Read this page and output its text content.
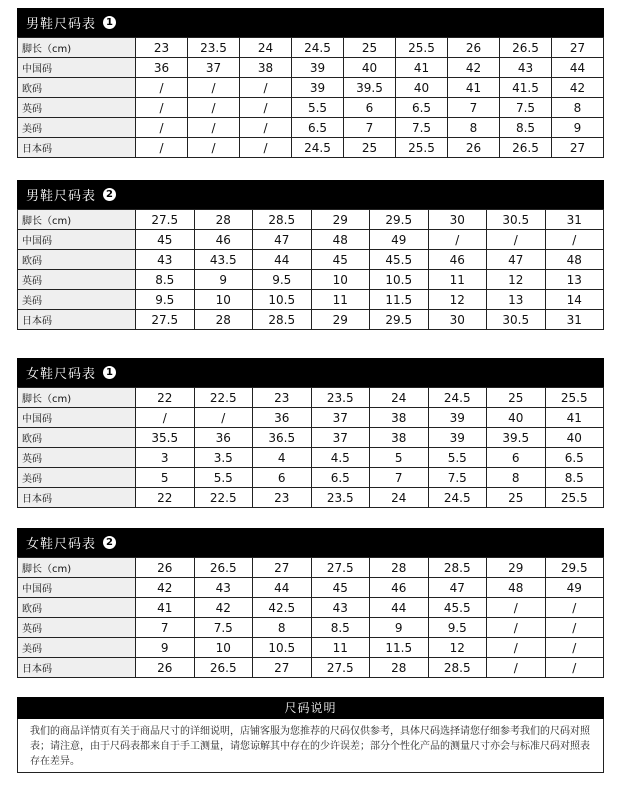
男鞋尺码表	1
脚长（cm)	23	23.5	24	24.5	25	25.5	26	26.5	27
中国码	36	37	38	39	40	41	42	43	44
欧码	/	/	/	39	39.5	40	41	41.5	42
英码	/	/	/	5.5	6	6.5	7	7.5	8
美码	/	/	/	6.5	7	7.5	8	8.5	9
日本码	/	/	/	24.5	25	25.5	26	26.5	27
男鞋尺码表	2
脚长（cm)	27.5	28	28.5	29	29.5	30	30.5	31
中国码	45	46	47	48	49	/	/	/
欧码	43	43.5	44	45	45.5	46	47	48
英码	8.5	9	9.5	10	10.5	11	12	13
美码	9.5	10	10.5	11	11.5	12	13	14
日本码	27.5	28	28.5	29	29.5	30	30.5	31
女鞋尺码表	1
脚长（cm)	22	22.5	23	23.5	24	24.5	25	25.5
中国码	/	/	36	37	38	39	40	41
欧码	35.5	36	36.5	37	38	39	39.5	40
英码	3	3.5	4	4.5	5	5.5	6	6.5
美码	5	5.5	6	6.5	7	7.5	8	8.5
日本码	22	22.5	23	23.5	24	24.5	25	25.5
女鞋尺码表	2
脚长（cm)	26	26.5	27	27.5	28	28.5	29	29.5
中国码	42	43	44	45	46	47	48	49
欧码	41	42	42.5	43	44	45.5	/	/
英码	7	7.5	8	8.5	9	9.5	/	/
美码	9	10	10.5	11	11.5	12	/	/
日本码	26	26.5	27	27.5	28	28.5	/	/
尺码说明
我们的商品详情页有关于商品尺寸的详细说明，店铺客服为您推荐的尺码仅供参考，具体尺码选择请您仔细参考我们的尺码对照表；请注意，由于尺码表都来自于手工测量，请您谅解其中存在的少许误差；部分个性化产品的测量尺寸亦会与标准尺码对照表存在差异。
